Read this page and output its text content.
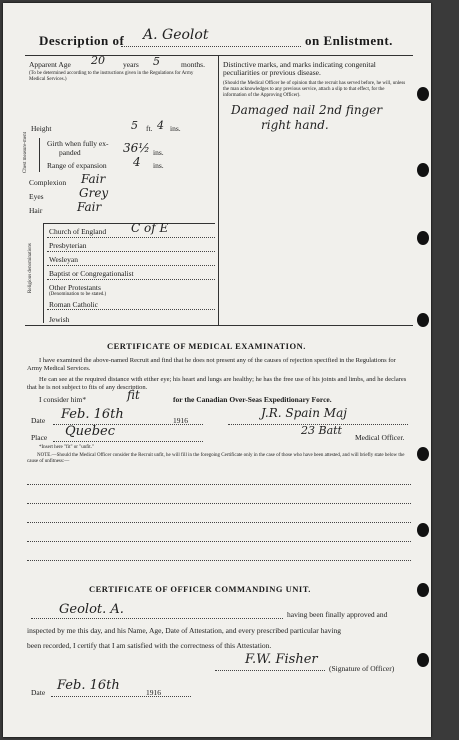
Description of A. Geolot	on Enlistment.
Apparent Age 20 years 5	months.
(To be determined according to the instructions given in the Regulations for Army Medical Services.)
Distinctive marks, and marks indicating congenital peculiarities or previous disease.
(Should the Medical Officer be of opinion that the recruit has served before, he will, unless the man acknowledges to any previous service, attach a slip to that effect, for the information of the Approving Officer).
Damaged nail 2nd finger
right hand.
Height	5 ft. 4 ins.
Chest measure-ment	Girth when fully ex-
panded	36½ ins.
Range of expansion 4 ins.
Complexion Fair
Eyes	Grey
Hair	Fair
Religious denominations
Church of England C of E
Presbyterian
Wesleyan
Baptist or Congregationalist
Other Protestants
(Denomination to be stated.)
Roman Catholic
Jewish
CERTIFICATE OF MEDICAL EXAMINATION.
I have examined the above-named Recruit and find that he does not present any of the causes of rejection specified in the Regulations for Army Medical Services.
He can see at the required distance with either eye; his heart and lungs are healthy; he has the free use of his joints and limbs, and he declares that he is not subject to fits of any description.
I consider him*	fit	for the Canadian Over-Seas Expeditionary Force.
Date Feb. 16th	1916
J.R. Spain Maj
Place Quebec	23 Batt
Medical Officer.
*Insert here "fit" or "unfit."
NOTE.—Should the Medical Officer consider the Recruit unfit, he will fill in the foregoing Certificate only in the case of those who have been attested, and will briefly state below the cause of unfitness:—
CERTIFICATE OF OFFICER COMMANDING UNIT.
Geolot. A.	having been finally approved and
inspected by me this day, and his Name, Age, Date of Attestation, and every prescribed particular having
been recorded, I certify that I am satisfied with the correctness of this Attestation.
F.W. Fisher
(Signature of Officer)
Date Feb. 16th	1916
